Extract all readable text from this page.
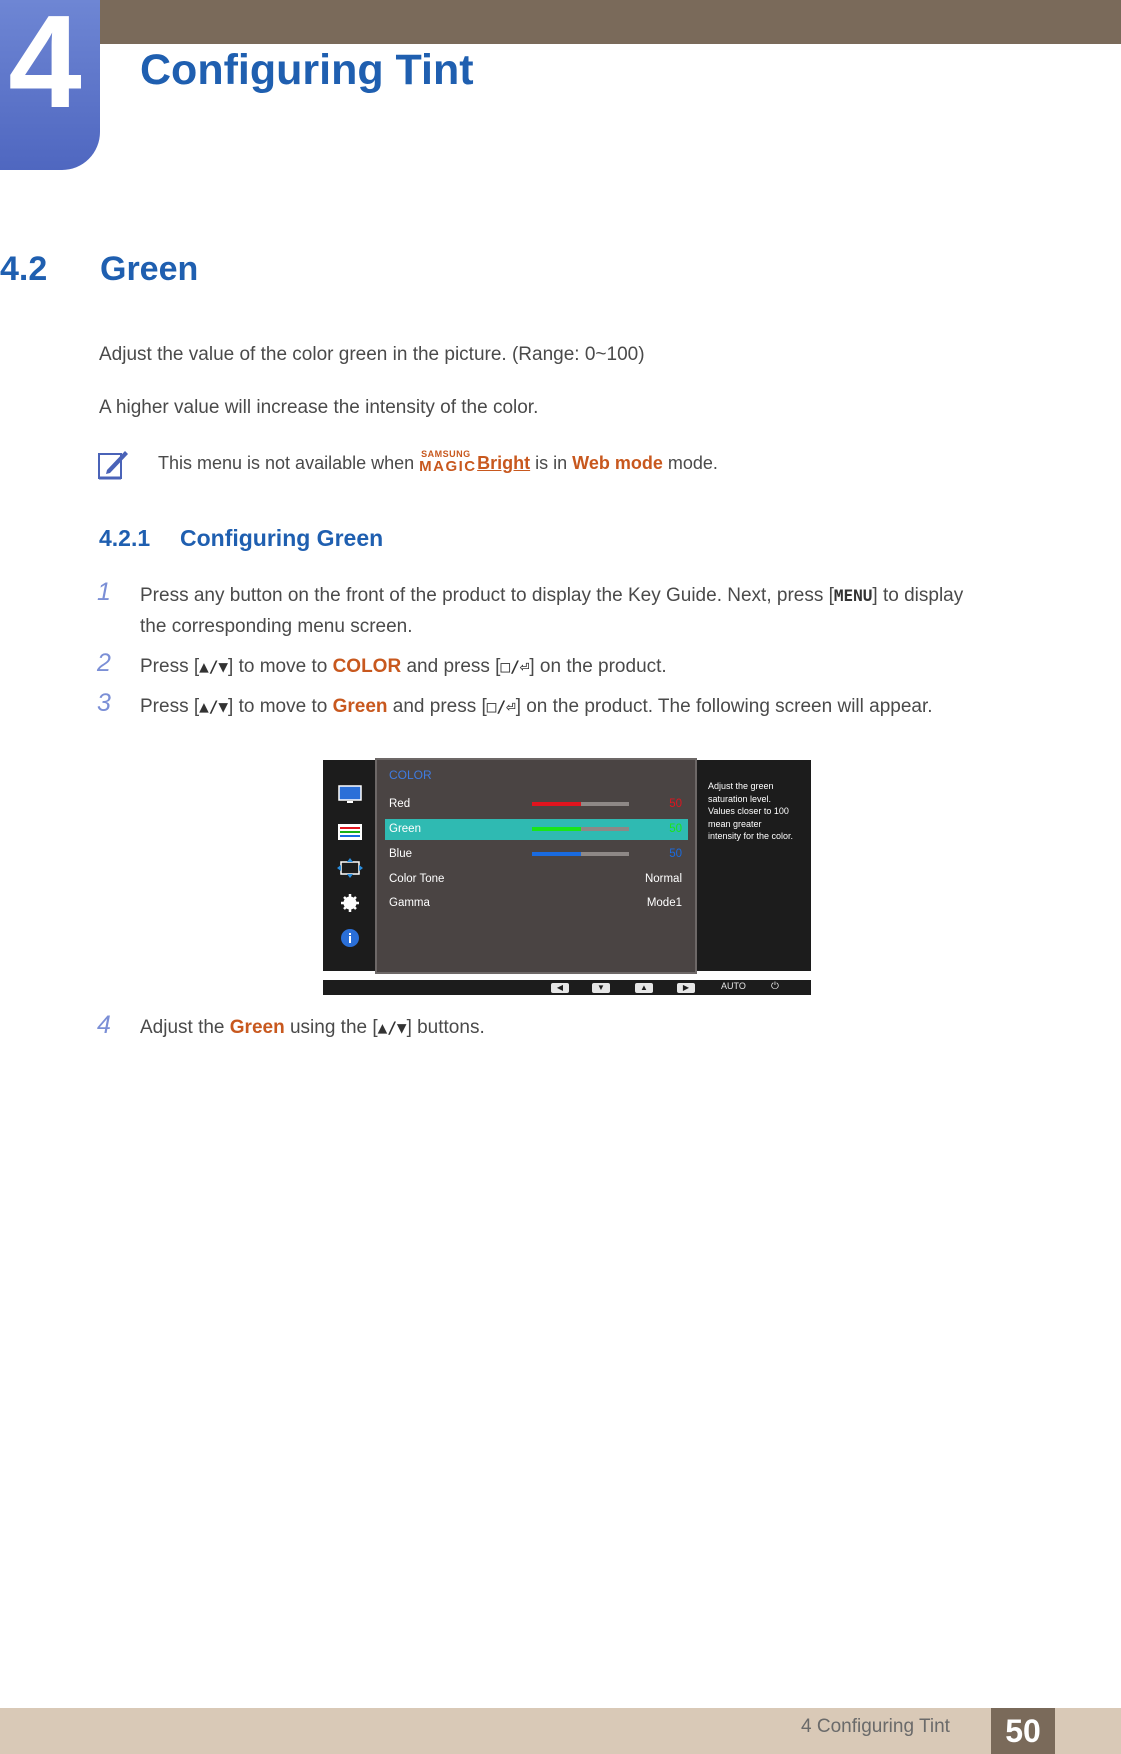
4 Configuring Tint
4.2 Green
Adjust the value of the color green in the picture. (Range: 0~100)
A higher value will increase the intensity of the color.
This menu is not available when SAMSUNG
MAGIC Bright is in Web mode mode.
4.2.1 Configuring Green
1 Press any button on the front of the product to display the Key Guide. Next, press [MENU] to display
the corresponding menu screen.
2 Press [▲/▼] to move to COLOR and press [□/⏎] on the product.
3 Press [▲/▼] to move to Green and press [□/⏎] on the product. The following screen will appear.
COLOR
Red	50
Green	50
Blue	50
Color Tone	Normal
Gamma	Mode1
Adjust the green
saturation level.
Values closer to 100
mean greater
intensity for the color.
◀	▼	▲	▶	AUTO	⏻
4 Adjust the Green using the [▲/▼] buttons.
4 Configuring Tint	50
